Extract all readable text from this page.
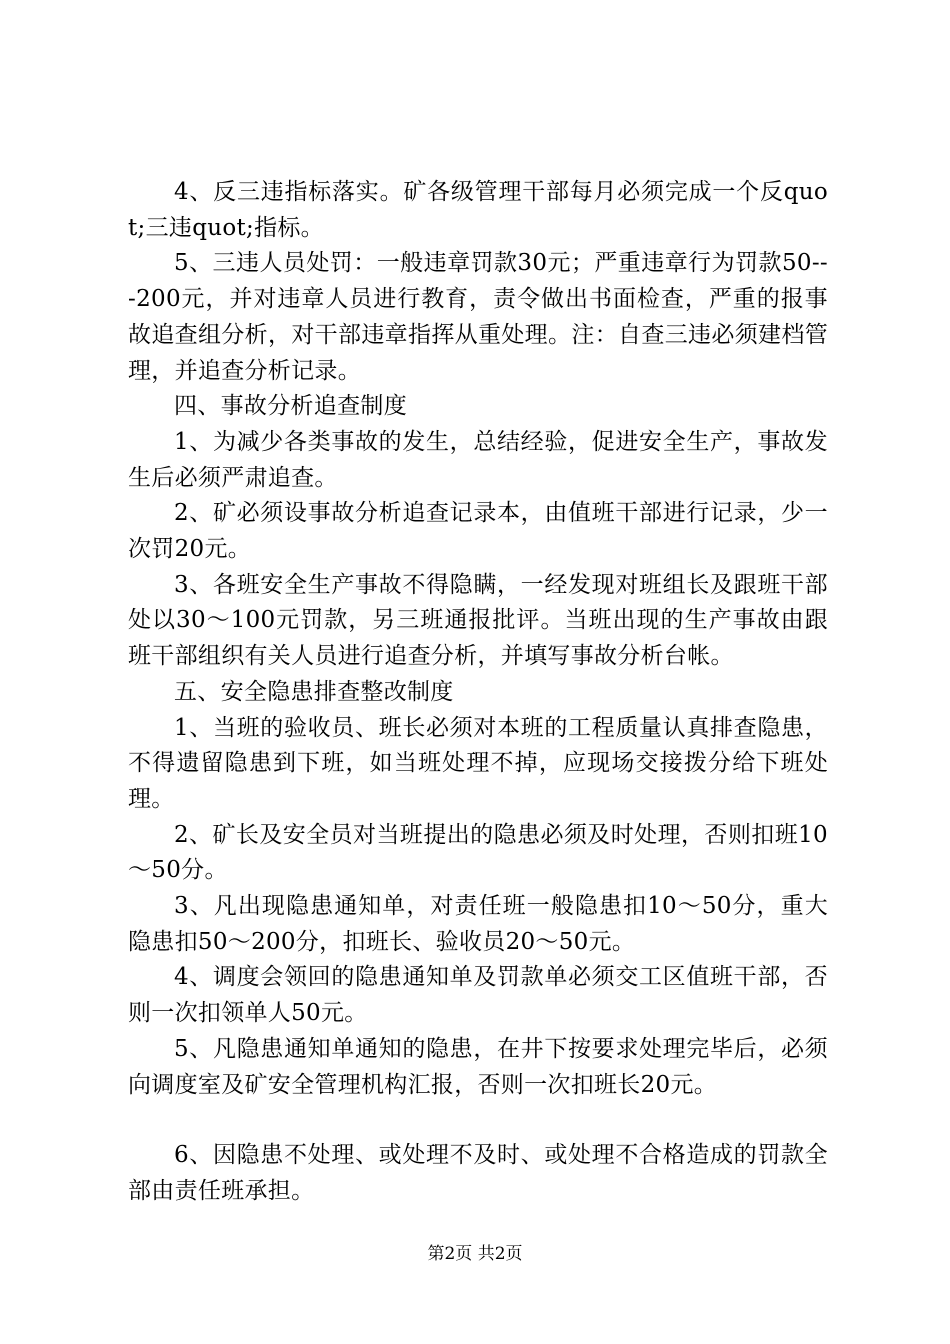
4、反三违指标落实。矿各级管理干部每月必须完成一个反quot;三违quot;指标。

5、三违人员处罚：一般违章罚款30元；严重违章行为罚款50---200元，并对违章人员进行教育，责令做出书面检查，严重的报事故追查组分析，对干部违章指挥从重处理。注：自查三违必须建档管理，并追查分析记录。

四、事故分析追查制度

1、为减少各类事故的发生，总结经验，促进安全生产，事故发生后必须严肃追查。

2、矿必须设事故分析追查记录本，由值班干部进行记录，少一次罚20元。

3、各班安全生产事故不得隐瞒，一经发现对班组长及跟班干部处以30～100元罚款，另三班通报批评。当班出现的生产事故由跟班干部组织有关人员进行追查分析，并填写事故分析台帐。

五、安全隐患排查整改制度

1、当班的验收员、班长必须对本班的工程质量认真排查隐患，不得遗留隐患到下班，如当班处理不掉，应现场交接拨分给下班处理。

2、矿长及安全员对当班提出的隐患必须及时处理，否则扣班10～50分。

3、凡出现隐患通知单，对责任班一般隐患扣10～50分，重大隐患扣50～200分，扣班长、验收员20～50元。

4、调度会领回的隐患通知单及罚款单必须交工区值班干部，否则一次扣领单人50元。

5、凡隐患通知单通知的隐患，在井下按要求处理完毕后，必须向调度室及矿安全管理机构汇报，否则一次扣班长20元。

6、因隐患不处理、或处理不及时、或处理不合格造成的罚款全部由责任班承担。

第2页 共2页
